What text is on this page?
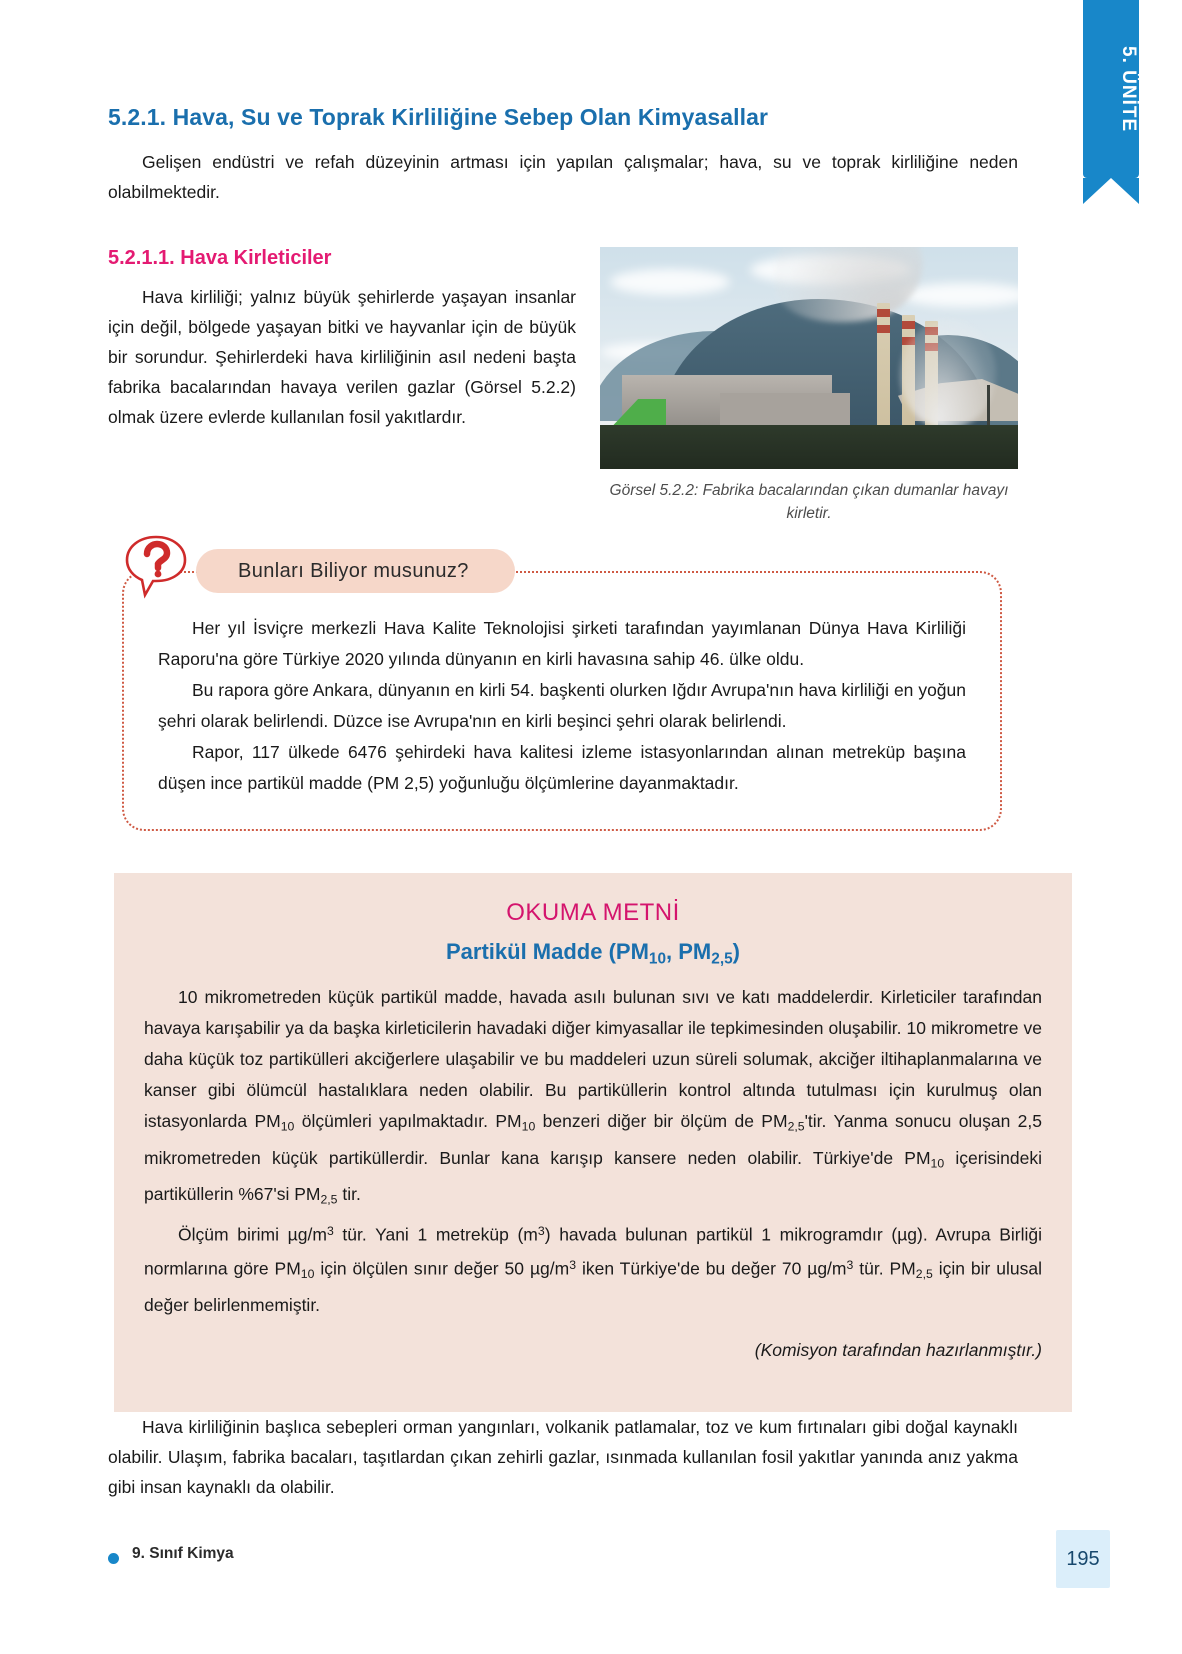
5. ÜNİTE
5.2.1. Hava, Su ve Toprak Kirliliğine Sebep Olan Kimyasallar

Gelişen endüstri ve refah düzeyinin artması için yapılan çalışmalar; hava, su ve toprak kirliliğine neden olabilmektedir.

5.2.1.1. Hava Kirleticiler

Hava kirliliği; yalnız büyük şehirlerde yaşayan insanlar için değil, bölgede yaşayan bitki ve hayvanlar için de büyük bir sorundur. Şehirlerdeki hava kirliliğinin asıl nedeni başta fabrika bacalarından havaya verilen gazlar (Görsel 5.2.2) olmak üzere evlerde kullanılan fosil yakıtlardır.

Görsel 5.2.2: Fabrika bacalarından çıkan dumanlar havayı kirletir.
Bunları Biliyor musunuz?

Her yıl İsviçre merkezli Hava Kalite Teknolojisi şirketi tarafından yayımlanan Dünya Hava Kirliliği Raporu'na göre Türkiye 2020 yılında dünyanın en kirli havasına sahip 46. ülke oldu.

Bu rapora göre Ankara, dünyanın en kirli 54. başkenti olurken Iğdır Avrupa'nın hava kirliliği en yoğun şehri olarak belirlendi. Düzce ise Avrupa'nın en kirli beşinci şehri olarak belirlendi.

Rapor, 117 ülkede 6476 şehirdeki hava kalitesi izleme istasyonlarından alınan metreküp başına düşen ince partikül madde (PM 2,5) yoğunluğu ölçümlerine dayanmaktadır.

OKUMA METNİ
Partikül Madde ($PM_{10}$, $PM_{2,5}$)

10 mikrometreden küçük partikül madde, havada asılı bulunan sıvı ve katı maddelerdir. Kirleticiler tarafından havaya karışabilir ya da başka kirleticilerin havadaki diğer kimyasallar ile tepkimesinden oluşabilir. 10 mikrometre ve daha küçük toz partikülleri akciğerlere ulaşabilir ve bu maddeleri uzun süreli solumak, akciğer iltihaplanmalarına ve kanser gibi ölümcül hastalıklara neden olabilir. Bu partiküllerin kontrol altında tutulması için kurulmuş olan istasyonlarda $PM_{10}$ ölçümleri yapılmaktadır. $PM_{10}$ benzeri diğer bir ölçüm de $PM_{2,5}'tir$. Yanma sonucu oluşan 2,5 mikrometreden küçük partiküllerdir. Bunlar kana karışıp kansere neden olabilir. Türkiye'de $PM_{10}$ içerisindeki partiküllerin %67'si $PM_{2,5}$ tir.

Ölçüm birimi $\mu g/m^3$ tür. Yani 1 metreküp $(m^3)$ havada bulunan partikül 1 mikrogramdır (µg). Avrupa Birliği normlarına göre $PM_{10}$ için ölçülen sınır değer 50 $\mu g/m^3$ iken Türkiye'de bu değer 70 $\mu g/m^3$ tür. $PM_{2,5}$ için bir ulusal değer belirlenmemiştir.

(Komisyon tarafından hazırlanmıştır.)

Hava kirliliğinin başlıca sebepleri orman yangınları, volkanik patlamalar, toz ve kum fırtınaları gibi doğal kaynaklı olabilir. Ulaşım, fabrika bacaları, taşıtlardan çıkan zehirli gazlar, ısınmada kullanılan fosil yakıtlar yanında anız yakma gibi insan kaynaklı da olabilir.

9. Sınıf Kimya	195
